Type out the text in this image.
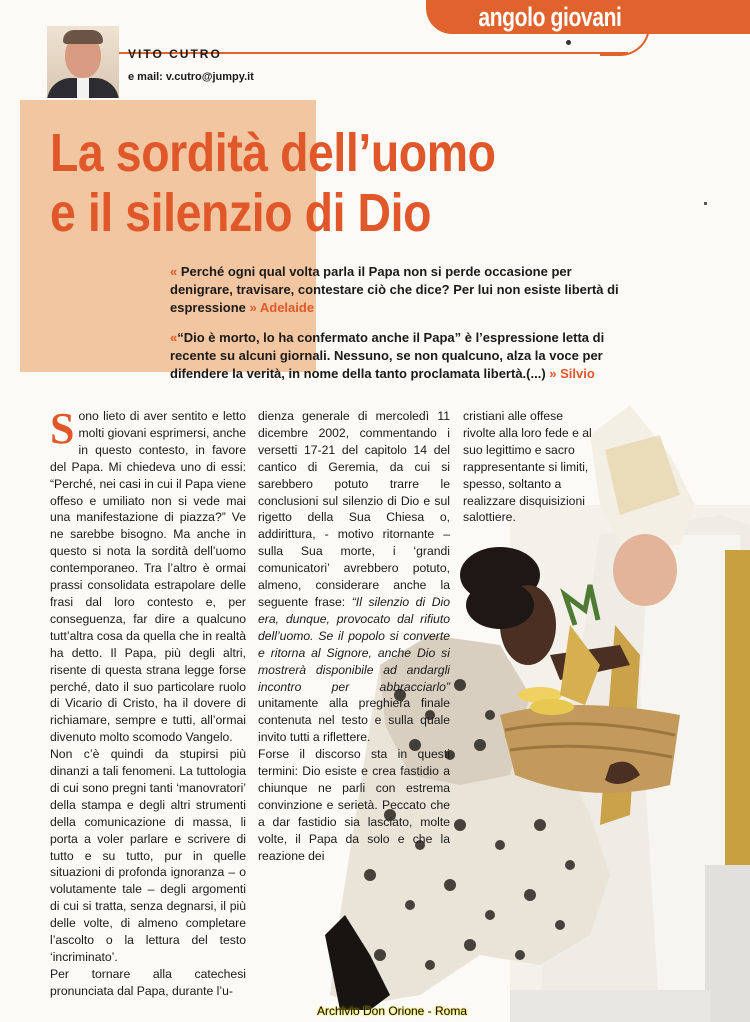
angolo giovani
VITO CUTRO
e mail: v.cutro@jumpy.it
La sordità dell’uomo
e il silenzio di Dio

« Perché ogni qual volta parla il Papa non si perde occasione per denigrare, travisare, contestare ciò che dice? Per lui non esiste libertà di espressione » Adelaide

«“Dio è morto, lo ha confermato anche il Papa” è l’espressione letta di recente su alcuni giornali. Nessuno, se non qualcuno, alza la voce per difendere la verità, in nome della tanto proclamata libertà.(...) » Silvio

Sono lieto di aver sentito e letto molti giovani esprimersi, anche in questo contesto, in favore del Papa. Mi chiedeva uno di essi: “Perché, nei casi in cui il Papa viene offeso e umiliato non si vede mai una manifestazione di piazza?” Ve ne sarebbe bisogno. Ma anche in questo si nota la sordità dell’uomo contemporaneo. Tra l’altro è ormai prassi consolidata estrapolare delle frasi dal loro contesto e, per conseguenza, far dire a qualcuno tutt’altra cosa da quella che in realtà ha detto. Il Papa, più degli altri, risente di questa strana legge forse perché, dato il suo particolare ruolo di Vicario di Cristo, ha il dovere di richiamare, sempre e tutti, all’ormai divenuto molto scomodo Vangelo.

Non c’è quindi da stupirsi più dinanzi a tali fenomeni. La tuttologia di cui sono pregni tanti ‘manovratori’ della stampa e degli altri strumenti della comunicazione di massa, li porta a voler parlare e scrivere di tutto e su tutto, pur in quelle situazioni di profonda ignoranza – o volutamente tale – degli argomenti di cui si tratta, senza degnarsi, il più delle volte, di almeno completare l’ascolto o la lettura del testo ‘incriminato’.

Per tornare alla catechesi pronunciata dal Papa, durante l’u-

dienza generale di mercoledì 11 dicembre 2002, commentando i versetti 17-21 del capitolo 14 del cantico di Geremia, da cui si sarebbero potuto trarre le conclusioni sul silenzio di Dio e sul rigetto della Sua Chiesa o, addirittura, - motivo ritornante – sulla Sua morte, i ‘grandi comunicatori’ avrebbero potuto, almeno, considerare anche la seguente frase: “Il silenzio di Dio era, dunque, provocato dal rifiuto dell’uomo. Se il popolo si converte e ritorna al Signore, anche Dio si mostrerà disponibile ad andargli incontro per abbracciarlo” unitamente alla preghiera finale contenuta nel testo e sulla quale invito tutti a riflettere.

Forse il discorso sta in questi termini: Dio esiste e crea fastidio a chiunque ne parli con estrema convinzione e serietà. Peccato che a dar fastidio sia lasciato, molte volte, il Papa da solo e che la reazione dei

cristiani alle offese rivolte alla loro fede e al suo legittimo e sacro rappresentante si limiti, spesso, soltanto a realizzare disquisizioni salottiere.

Archivio Don Orione - Roma
